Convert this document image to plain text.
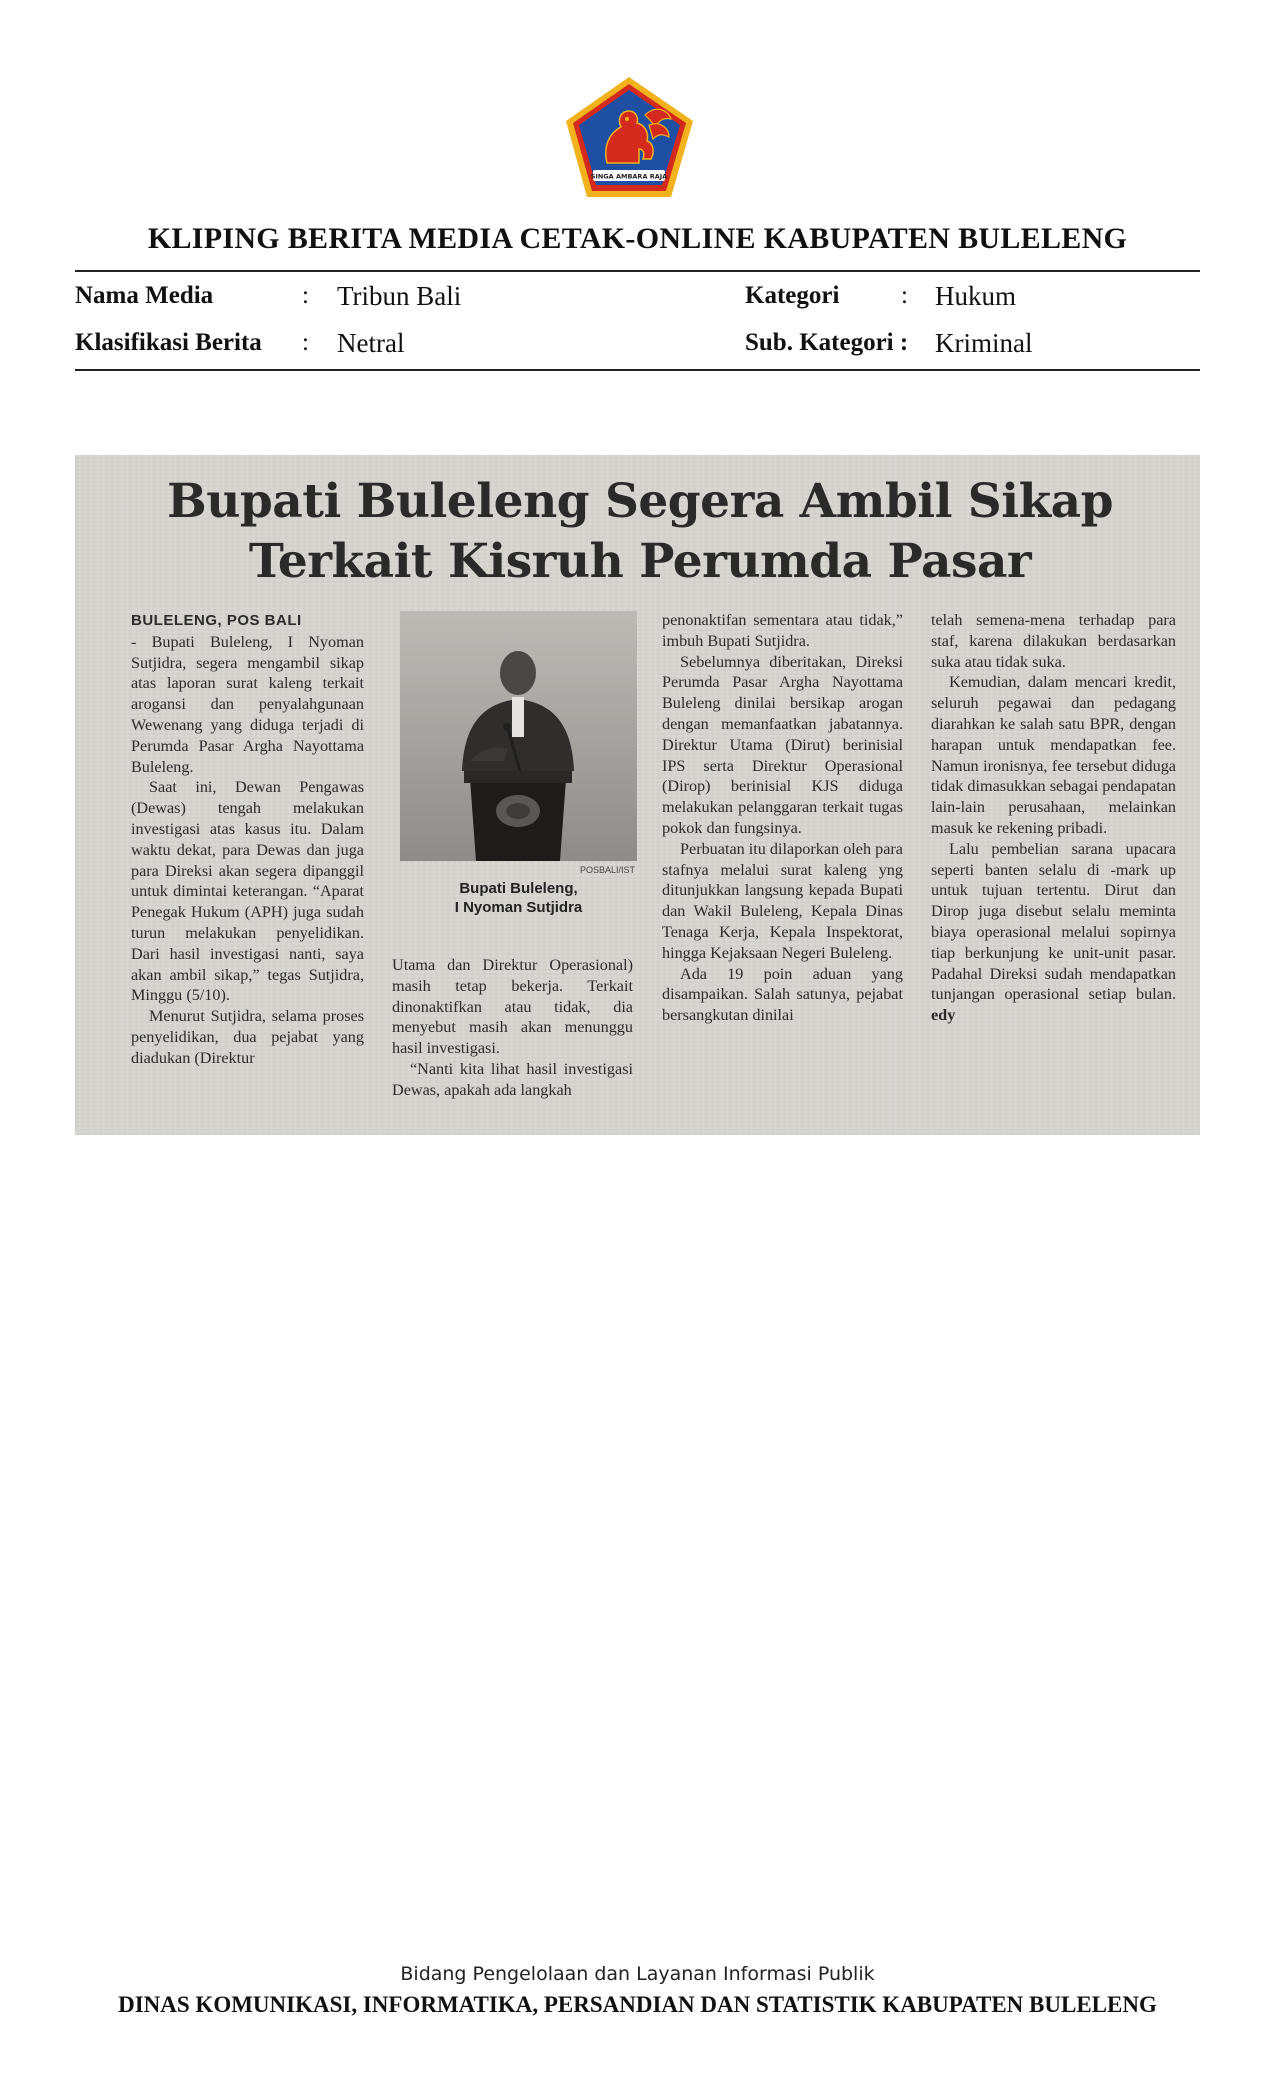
SINGA AMBARA RAJA
KLIPING BERITA MEDIA CETAK-ONLINE KABUPATEN BULELENG
Nama Media	: Tribun Bali
Klasifikasi Berita : Netral
Kategori : Hukum
Sub. Kategori : Kriminal
Bupati Buleleng Segera Ambil Sikap
Terkait Kisruh Perumda Pasar

BULELENG, POS BALI

- Bupati Buleleng, I Nyoman Sutjidra, segera mengambil sikap atas laporan surat kaleng terkait arogansi dan penyalahgunaan Wewenang yang diduga terjadi di Perumda Pasar Argha Nayottama Buleleng.

Saat ini, Dewan Pengawas (Dewas) tengah melakukan investigasi atas kasus itu. Dalam waktu dekat, para Dewas dan juga para Direksi akan segera dipanggil untuk dimintai keterangan. “Aparat Penegak Hukum (APH) juga sudah turun melakukan penyelidikan. Dari hasil investigasi nanti, saya akan ambil sikap,” tegas Sutjidra, Minggu (5/10).

Menurut Sutjidra, selama proses penyelidikan, dua pejabat yang diadukan (Direktur

POSBALI/IST
Bupati Buleleng,
I Nyoman Sutjidra

Utama dan Direktur Operasional) masih tetap bekerja. Terkait dinonaktifkan atau tidak, dia menyebut masih akan menunggu hasil investigasi.

“Nanti kita lihat hasil investigasi Dewas, apakah ada langkah

penonaktifan sementara atau tidak,” imbuh Bupati Sutjidra.

Sebelumnya diberitakan, Direksi Perumda Pasar Argha Nayottama Buleleng dinilai bersikap arogan dengan memanfaatkan jabatannya. Direktur Utama (Dirut) berinisial IPS serta Direktur Operasional (Dirop) berinisial KJS diduga melakukan pelanggaran terkait tugas pokok dan fungsinya.

Perbuatan itu dilaporkan oleh para stafnya melalui surat kaleng yng ditunjukkan langsung kepada Bupati dan Wakil Buleleng, Kepala Dinas Tenaga Kerja, Kepala Inspektorat, hingga Kejaksaan Negeri Buleleng.

Ada 19 poin aduan yang disampaikan. Salah satunya, pejabat bersangkutan dinilai

telah semena-mena terhadap para staf, karena dilakukan berdasarkan suka atau tidak suka.

Kemudian, dalam mencari kredit, seluruh pegawai dan pedagang diarahkan ke salah satu BPR, dengan harapan untuk mendapatkan fee. Namun ironisnya, fee tersebut diduga tidak dimasukkan sebagai pendapatan lain-lain perusahaan, melainkan masuk ke rekening pribadi.

Lalu pembelian sarana upacara seperti banten selalu di -mark up untuk tujuan tertentu. Dirut dan Dirop juga disebut selalu meminta biaya operasional melalui sopirnya tiap berkunjung ke unit-unit pasar. Padahal Direksi sudah mendapatkan tunjangan operasional setiap bulan. edy

Bidang Pengelolaan dan Layanan Informasi Publik
DINAS KOMUNIKASI, INFORMATIKA, PERSANDIAN DAN STATISTIK KABUPATEN BULELENG
